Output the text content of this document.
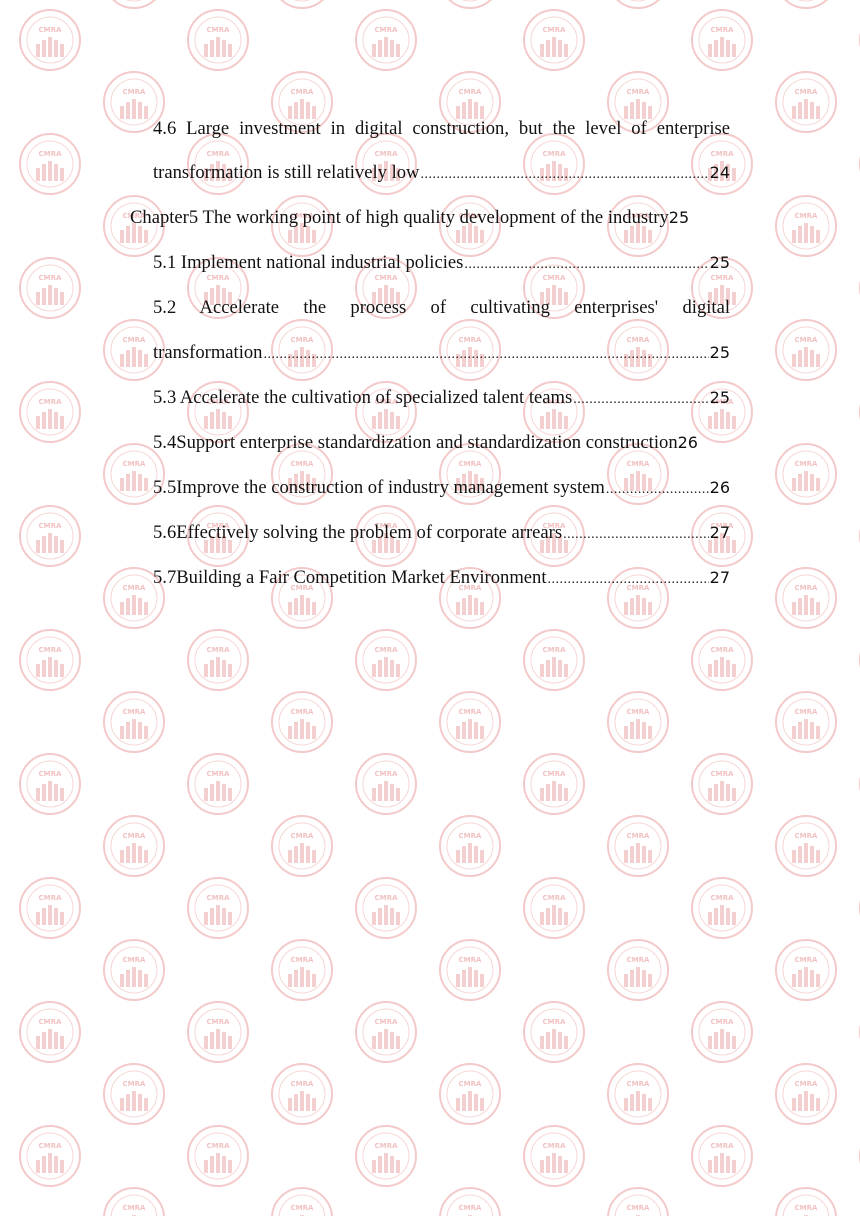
4.6 Large investment in digital construction, but the level of enterprise
transformation is still relatively low .....	24
Chapter5 The working point of high quality development of the industry 25
5.1 Implement national industrial policies .....	25
5.2 Accelerate the process of cultivating enterprises' digital
transformation .....	25
5.3 Accelerate the cultivation of specialized talent teams .....	25
5.4Support enterprise standardization and standardization construction 26
5.5Improve the construction of industry management system .....	26
5.6Effectively solving the problem of corporate arrears .....	27
5.7Building a Fair Competition Market Environment .....	27
